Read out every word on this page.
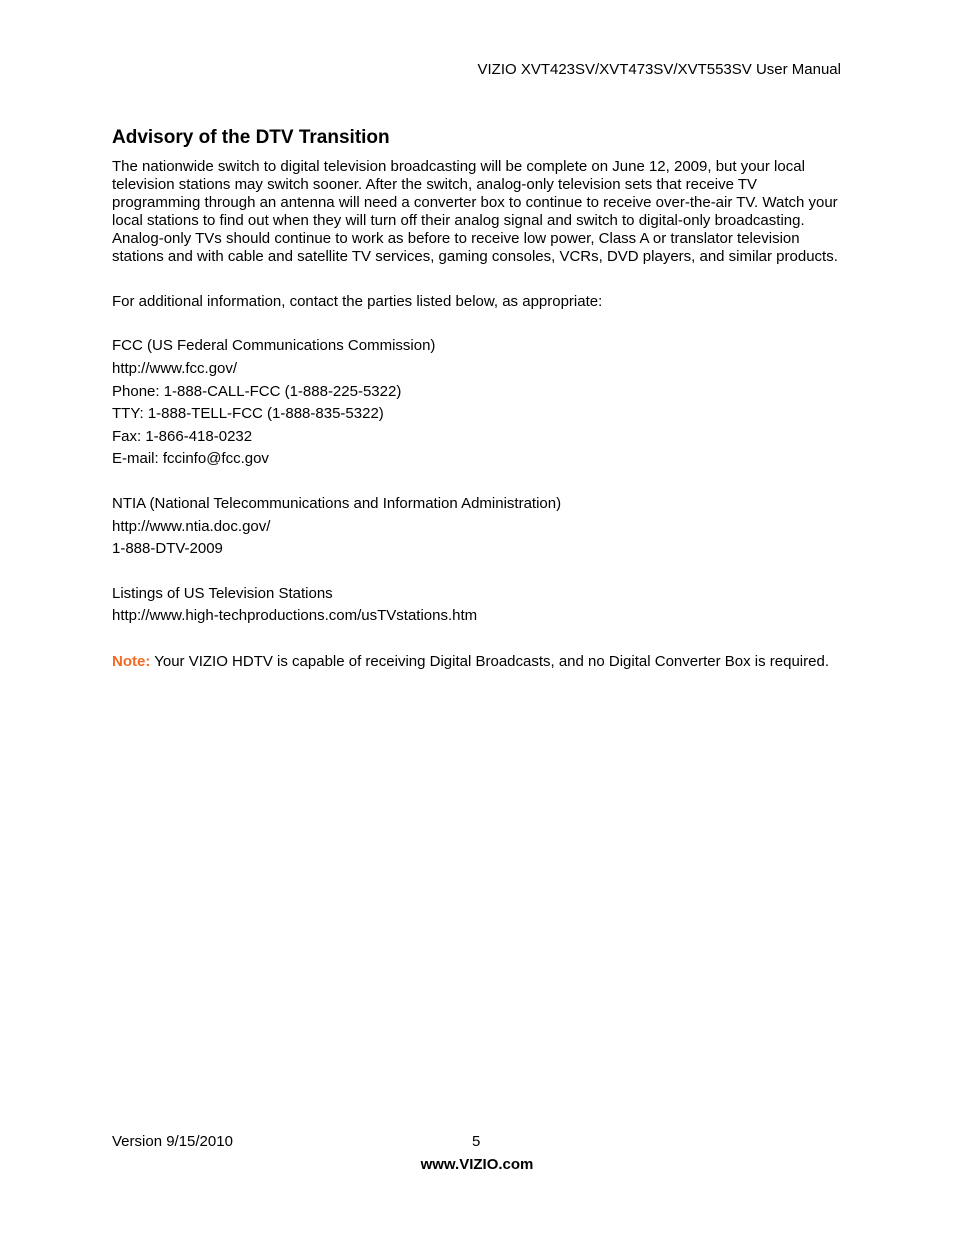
VIZIO XVT423SV/XVT473SV/XVT553SV User Manual
Advisory of the DTV Transition

The nationwide switch to digital television broadcasting will be complete on June 12, 2009, but your local television stations may switch sooner. After the switch, analog-only television sets that receive TV programming through an antenna will need a converter box to continue to receive over-the-air TV. Watch your local stations to find out when they will turn off their analog signal and switch to digital-only broadcasting. Analog-only TVs should continue to work as before to receive low power, Class A or translator television stations and with cable and satellite TV services, gaming consoles, VCRs, DVD players, and similar products.

For additional information, contact the parties listed below, as appropriate:

FCC (US Federal Communications Commission)
http://www.fcc.gov/
Phone: 1-888-CALL-FCC (1-888-225-5322)
TTY: 1-888-TELL-FCC (1-888-835-5322)
Fax: 1-866-418-0232
E-mail: fccinfo@fcc.gov
NTIA (National Telecommunications and Information Administration)
http://www.ntia.doc.gov/
1-888-DTV-2009
Listings of US Television Stations
http://www.high-techproductions.com/usTVstations.htm

Note: Your VIZIO HDTV is capable of receiving Digital Broadcasts, and no Digital Converter Box is required.

Version 9/15/2010	5
www.VIZIO.com
